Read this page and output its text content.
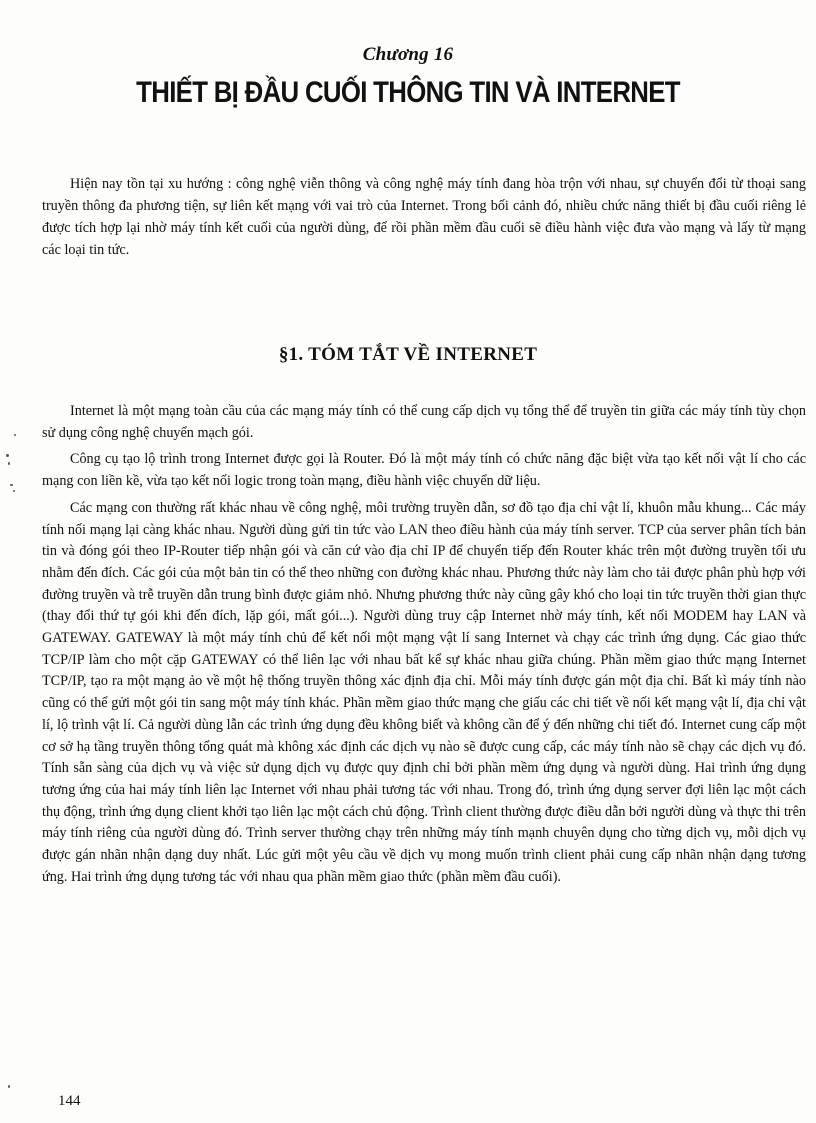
Chương 16
THIẾT BỊ ĐẦU CUỐI THÔNG TIN VÀ INTERNET

Hiện nay tồn tại xu hướng : công nghệ viễn thông và công nghệ máy tính đang hòa trộn với nhau, sự chuyển đổi từ thoại sang truyền thông đa phương tiện, sự liên kết mạng với vai trò của Internet. Trong bối cảnh đó, nhiều chức năng thiết bị đầu cuối riêng lẻ được tích hợp lại nhờ máy tính kết cuối của người dùng, để rồi phần mềm đầu cuối sẽ điều hành việc đưa vào mạng và lấy từ mạng các loại tin tức.

§1. TÓM TẮT VỀ INTERNET

Internet là một mạng toàn cầu của các mạng máy tính có thể cung cấp dịch vụ tổng thể để truyền tin giữa các máy tính tùy chọn sử dụng công nghệ chuyển mạch gói.

Công cụ tạo lộ trình trong Internet được gọi là Router. Đó là một máy tính có chức năng đặc biệt vừa tạo kết nối vật lí cho các mạng con liền kề, vừa tạo kết nối logic trong toàn mạng, điều hành việc chuyển dữ liệu.

Các mạng con thường rất khác nhau về công nghệ, môi trường truyền dẫn, sơ đồ tạo địa chỉ vật lí, khuôn mẫu khung... Các máy tính nối mạng lại càng khác nhau. Người dùng gửi tin tức vào LAN theo điều hành của máy tính server. TCP của server phân tích bản tin và đóng gói theo IP-Router tiếp nhận gói và căn cứ vào địa chỉ IP để chuyển tiếp đến Router khác trên một đường truyền tối ưu nhằm đến đích. Các gói của một bản tin có thể theo những con đường khác nhau. Phương thức này làm cho tải được phân phù hợp với đường truyền và trễ truyền dẫn trung bình được giảm nhỏ. Nhưng phương thức này cũng gây khó cho loại tin tức truyền thời gian thực (thay đổi thứ tự gói khi đến đích, lặp gói, mất gói...). Người dùng truy cập Internet nhờ máy tính, kết nối MODEM hay LAN và GATEWAY. GATEWAY là một máy tính chủ để kết nối một mạng vật lí sang Internet và chạy các trình ứng dụng. Các giao thức TCP/IP làm cho một cặp GATEWAY có thể liên lạc với nhau bất kể sự khác nhau giữa chúng. Phần mềm giao thức mạng Internet TCP/IP, tạo ra một mạng ảo về một hệ thống truyền thông xác định địa chỉ. Mỗi máy tính được gán một địa chỉ. Bất kì máy tính nào cũng có thể gửi một gói tin sang một máy tính khác. Phần mềm giao thức mạng che giấu các chi tiết về nối kết mạng vật lí, địa chỉ vật lí, lộ trình vật lí. Cả người dùng lẫn các trình ứng dụng đều không biết và không cần để ý đến những chi tiết đó. Internet cung cấp một cơ sở hạ tầng truyền thông tổng quát mà không xác định các dịch vụ nào sẽ được cung cấp, các máy tính nào sẽ chạy các dịch vụ đó. Tính sẵn sàng của dịch vụ và việc sử dụng dịch vụ được quy định chỉ bởi phần mềm ứng dụng và người dùng. Hai trình ứng dụng tương ứng của hai máy tính liên lạc Internet với nhau phải tương tác với nhau. Trong đó, trình ứng dụng server đợi liên lạc một cách thụ động, trình ứng dụng client khởi tạo liên lạc một cách chủ động. Trình client thường được điều dẫn bởi người dùng và thực thi trên máy tính riêng của người dùng đó. Trình server thường chạy trên những máy tính mạnh chuyên dụng cho từng dịch vụ, mỗi dịch vụ được gán nhãn nhận dạng duy nhất. Lúc gửi một yêu cầu về dịch vụ mong muốn trình client phải cung cấp nhãn nhận dạng tương ứng. Hai trình ứng dụng tương tác với nhau qua phần mềm giao thức (phần mềm đầu cuối).

144
